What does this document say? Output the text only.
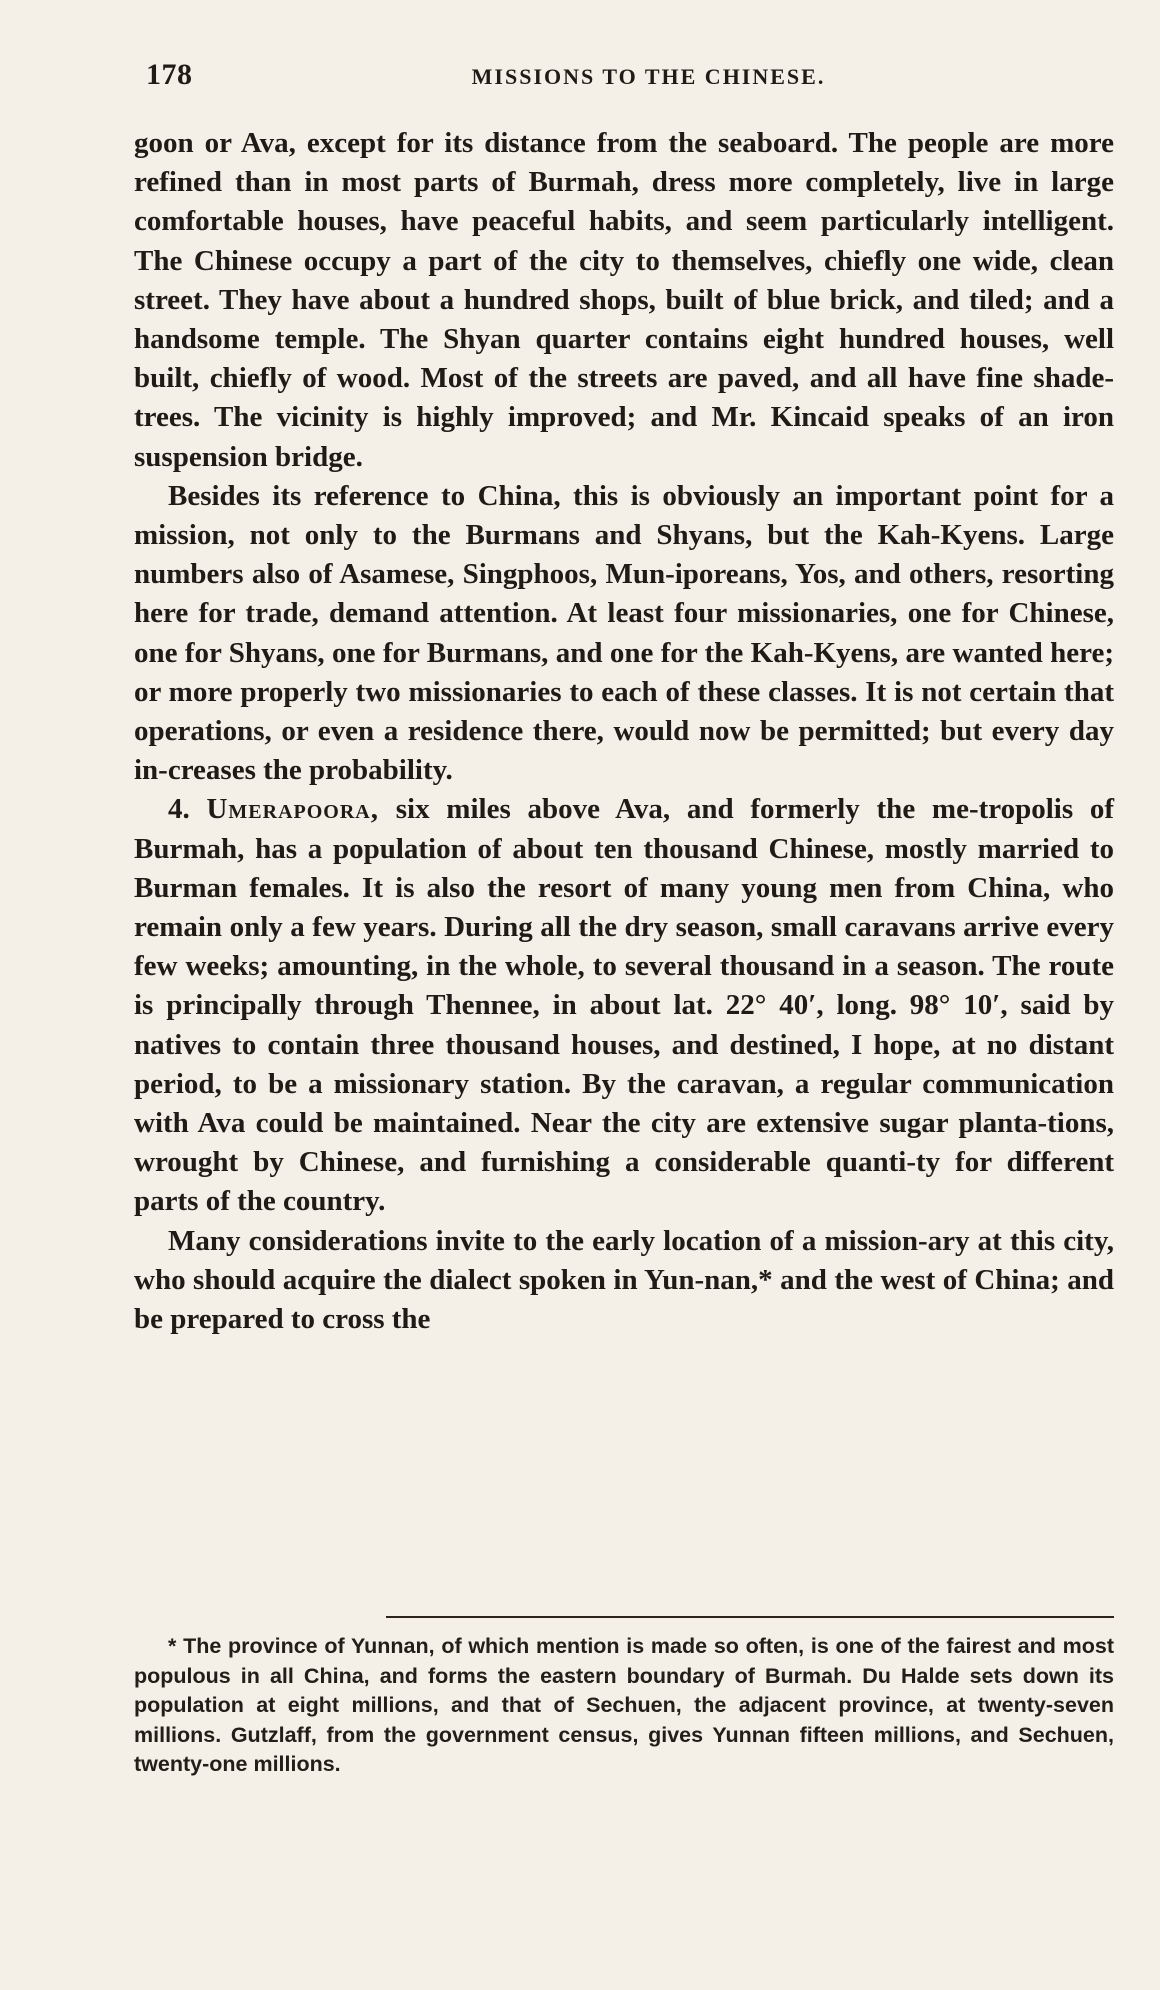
178	MISSIONS TO THE CHINESE.

goon or Ava, except for its distance from the seaboard. The people are more refined than in most parts of Burmah, dress more completely, live in large comfortable houses, have peaceful habits, and seem particularly intelligent. The Chinese occupy a part of the city to themselves, chiefly one wide, clean street. They have about a hundred shops, built of blue brick, and tiled; and a handsome temple. The Shyan quarter contains eight hundred houses, well built, chiefly of wood. Most of the streets are paved, and all have fine shade-trees. The vicinity is highly improved; and Mr. Kincaid speaks of an iron suspension bridge.

Besides its reference to China, this is obviously an important point for a mission, not only to the Burmans and Shyans, but the Kah-Kyens. Large numbers also of Asamese, Singphoos, Mun-iporeans, Yos, and others, resorting here for trade, demand attention. At least four missionaries, one for Chinese, one for Shyans, one for Burmans, and one for the Kah-Kyens, are wanted here; or more properly two missionaries to each of these classes. It is not certain that operations, or even a residence there, would now be permitted; but every day in-creases the probability.

4. Umerapoora, six miles above Ava, and formerly the me-tropolis of Burmah, has a population of about ten thousand Chinese, mostly married to Burman females. It is also the resort of many young men from China, who remain only a few years. During all the dry season, small caravans arrive every few weeks; amounting, in the whole, to several thousand in a season. The route is principally through Thennee, in about lat. 22° 40′, long. 98° 10′, said by natives to contain three thousand houses, and destined, I hope, at no distant period, to be a missionary station. By the caravan, a regular communication with Ava could be maintained. Near the city are extensive sugar planta-tions, wrought by Chinese, and furnishing a considerable quanti-ty for different parts of the country.

Many considerations invite to the early location of a mission-ary at this city, who should acquire the dialect spoken in Yun-nan,* and the west of China; and be prepared to cross the

* The province of Yunnan, of which mention is made so often, is one of the fairest and most populous in all China, and forms the eastern boundary of Burmah. Du Halde sets down its population at eight millions, and that of Sechuen, the adjacent province, at twenty-seven millions. Gutzlaff, from the government census, gives Yunnan fifteen millions, and Sechuen, twenty-one millions.
